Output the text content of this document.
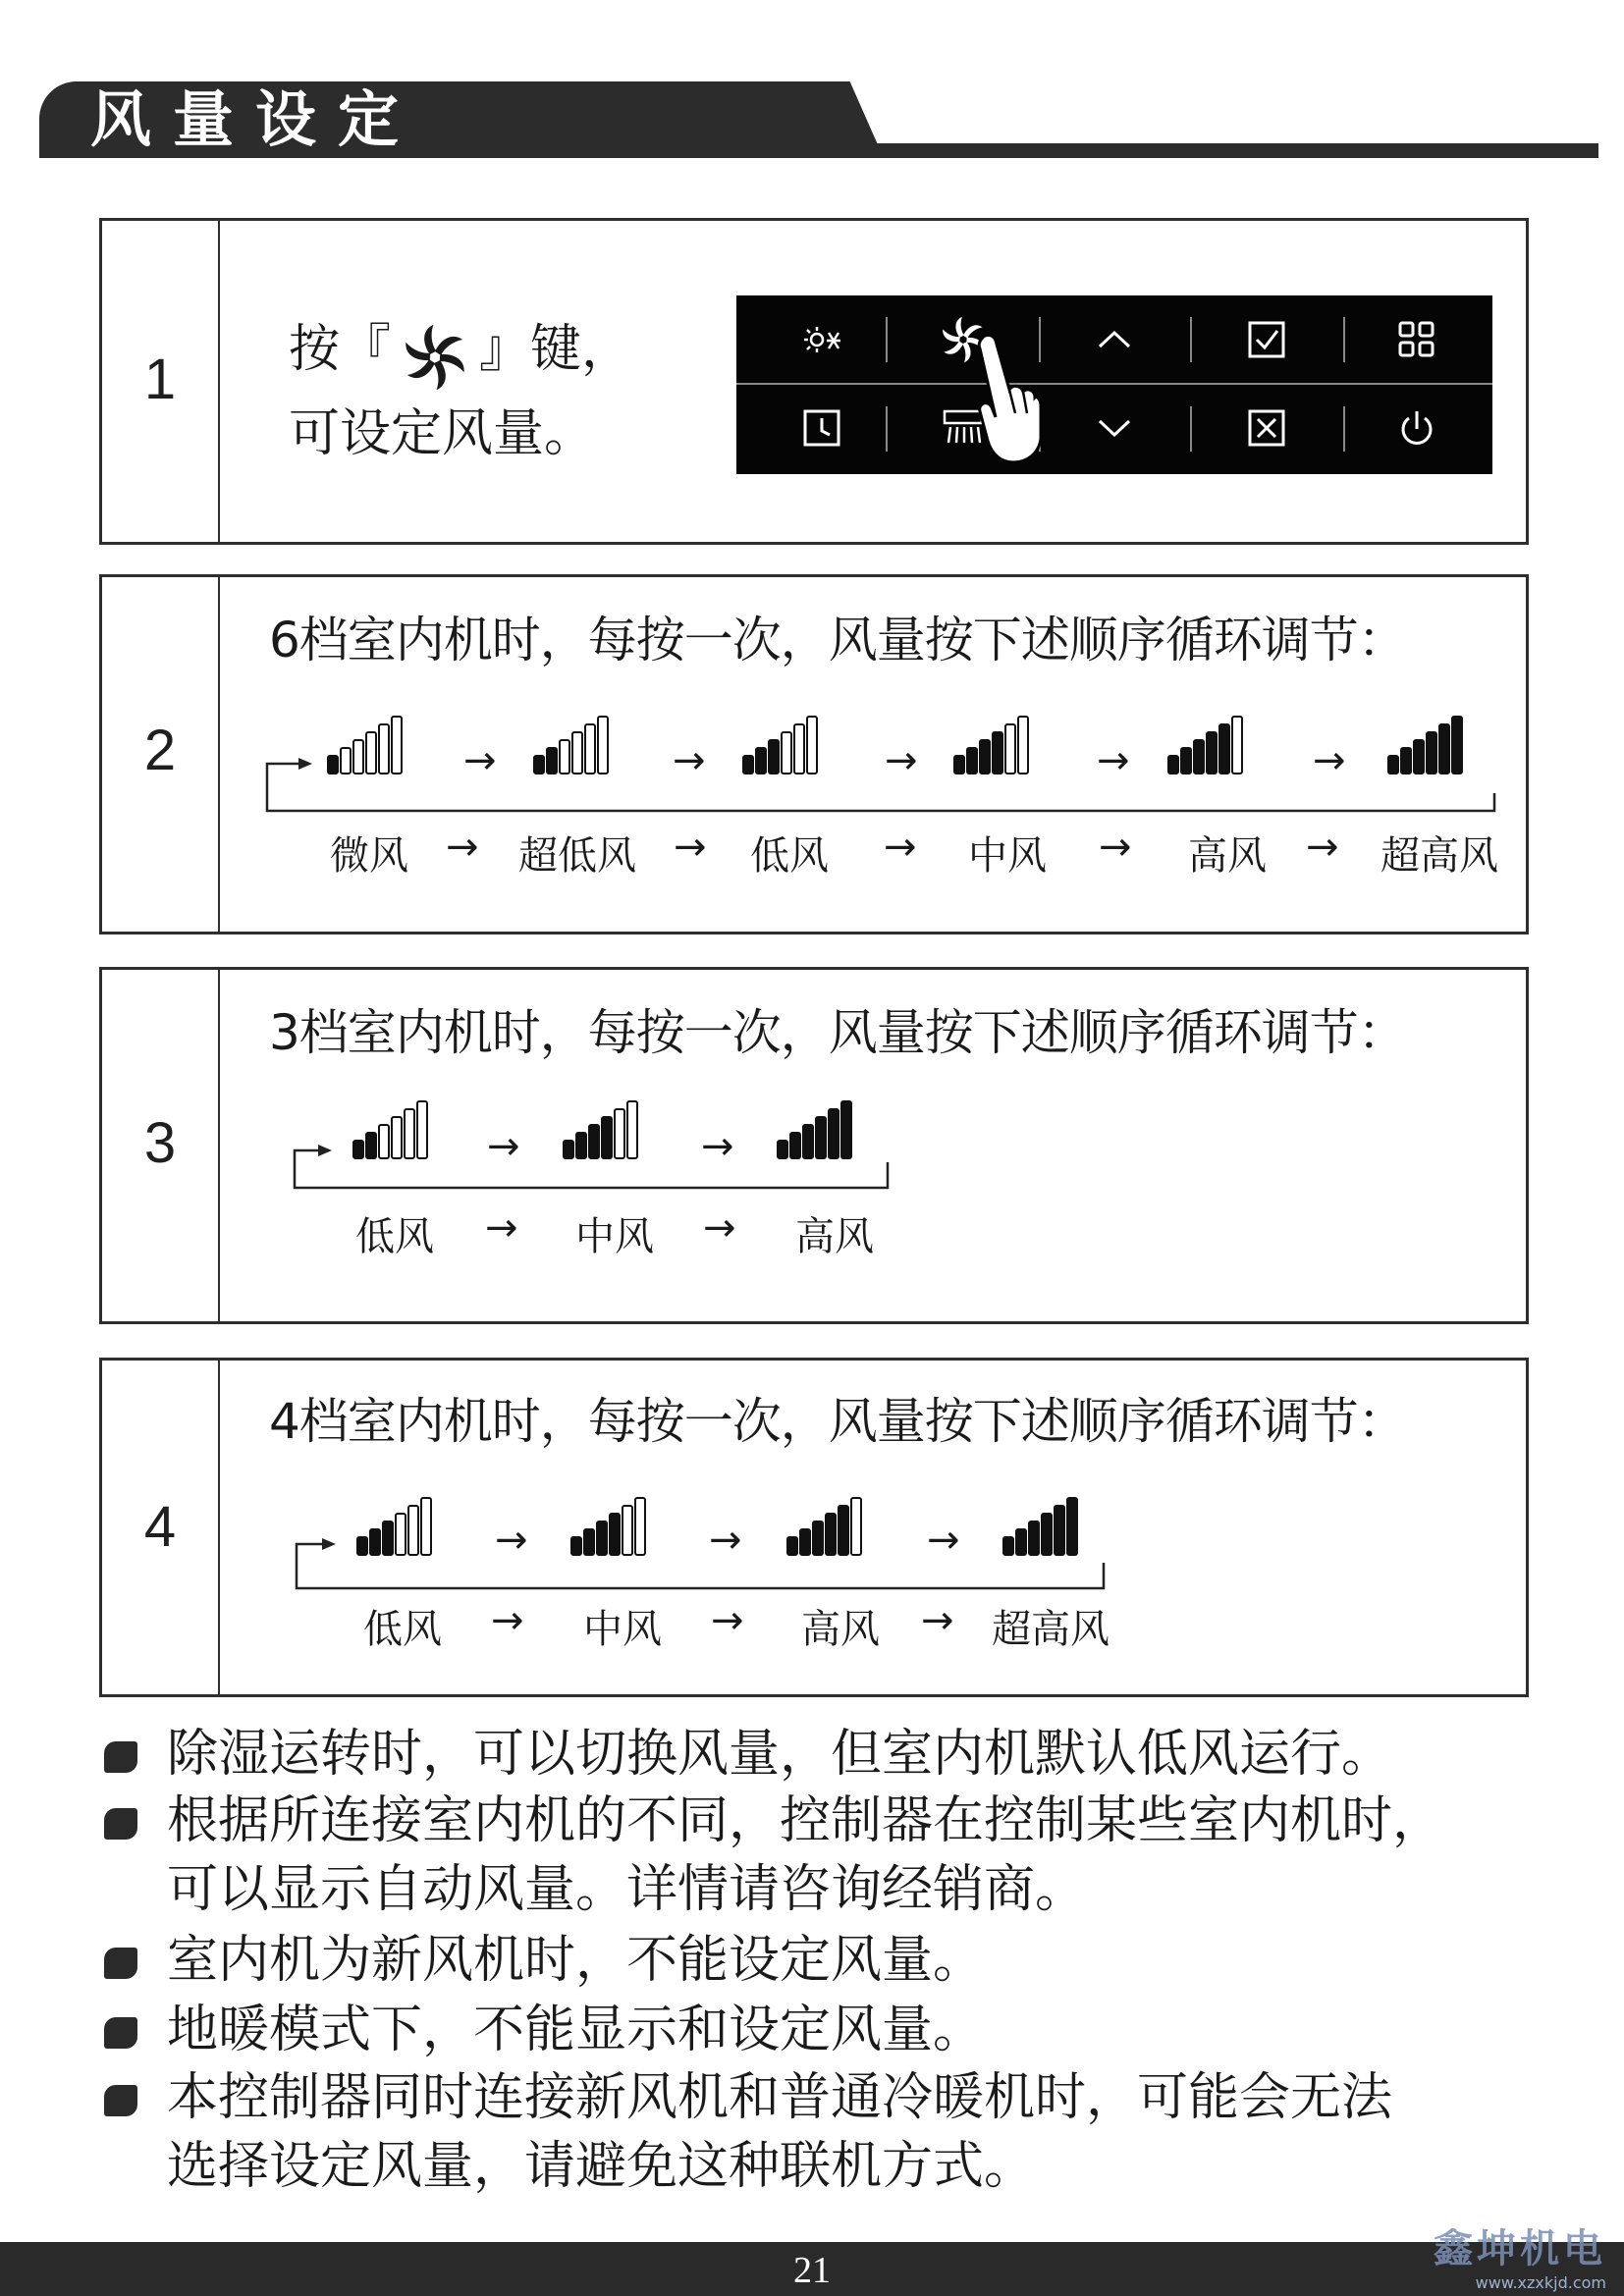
风量设定
1	按『 』键，
可设定风量。
2
6档室内机时，每按一次，风量按下述顺序循环调节：
→	→	→	→	→
微风 → 超低风 → 低风 → 中风 → 高风 → 超高风
3
3档室内机时，每按一次，风量按下述顺序循环调节：
→	→
低风 → 中风 → 高风
4
4档室内机时，每按一次，风量按下述顺序循环调节：
→	→	→
低风 → 中风 → 高风 → 超高风
除湿运转时，可以切换风量，但室内机默认低风运行。
根据所连接室内机的不同，控制器在控制某些室内机时，
可以显示自动风量。详情请咨询经销商。
室内机为新风机时，不能设定风量。
地暖模式下，不能显示和设定风量。
本控制器同时连接新风机和普通冷暖机时，可能会无法
选择设定风量，请避免这种联机方式。
21	鑫坤机电
www.xzxkjd.com
